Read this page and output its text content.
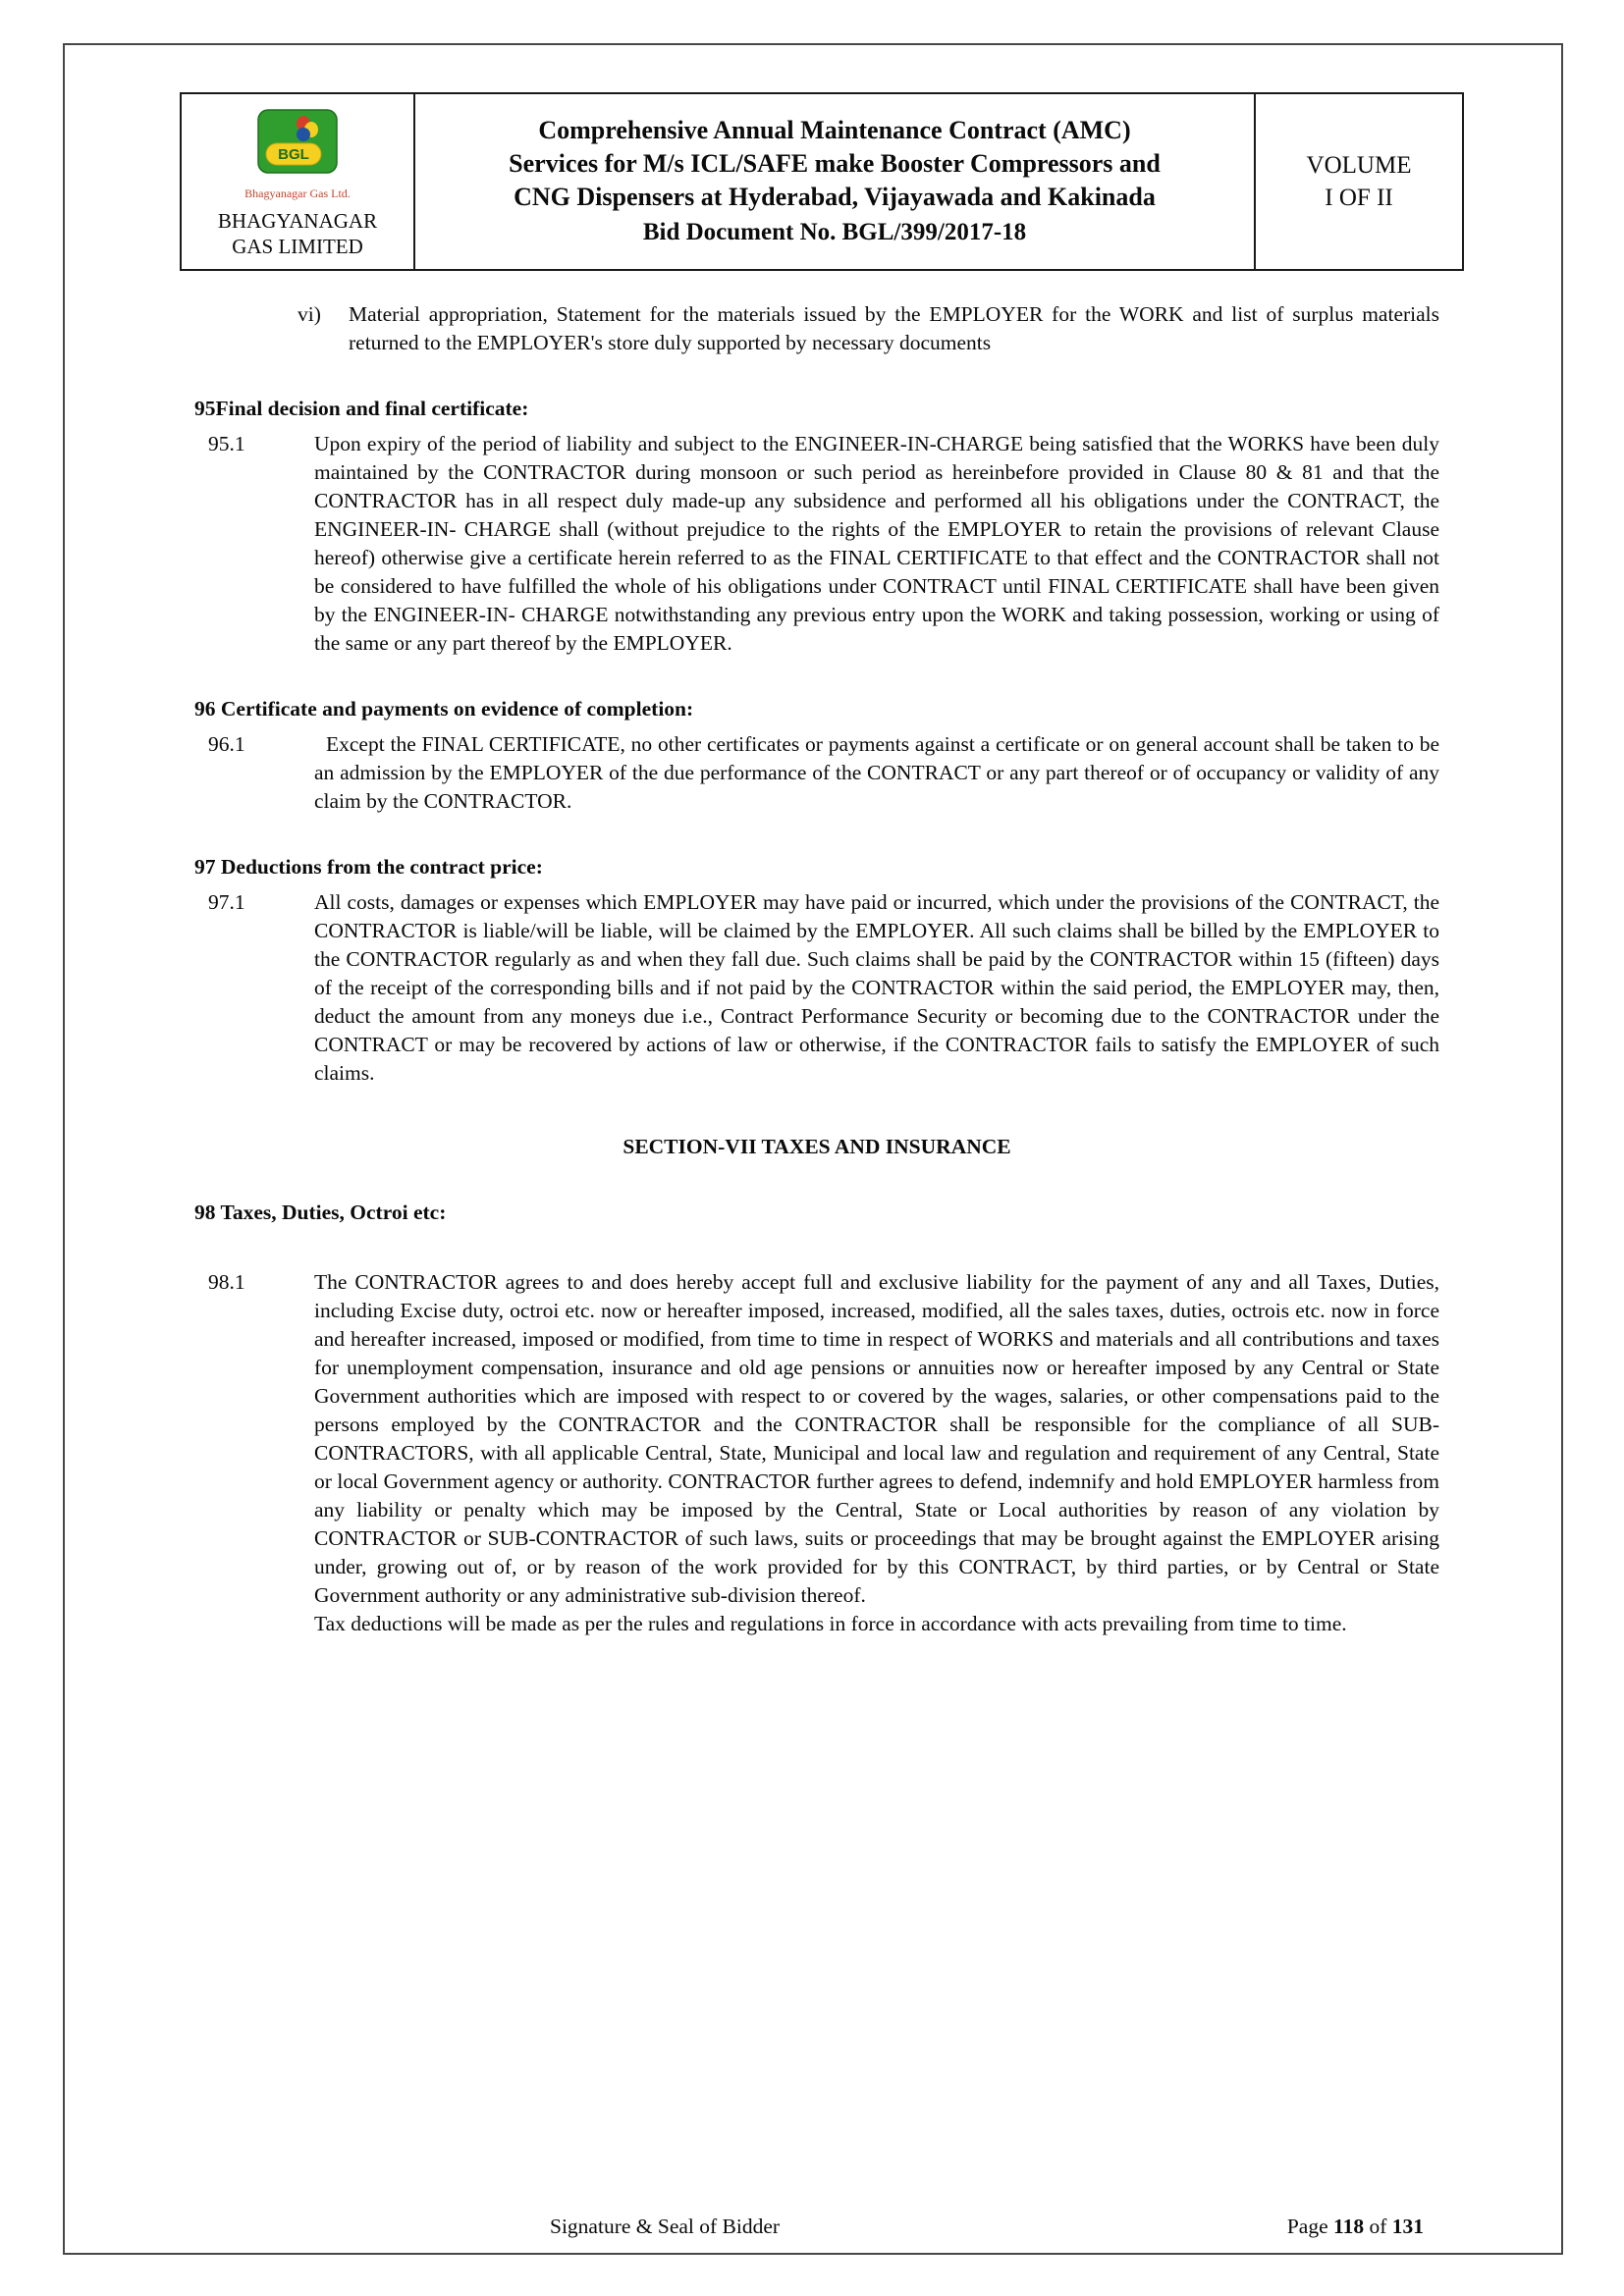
BGL
Bhagyanagar Gas Ltd.
BHAGYANAGAR GAS LIMITED
Comprehensive Annual Maintenance Contract (AMC) Services for M/s ICL/SAFE make Booster Compressors and CNG Dispensers at Hyderabad, Vijayawada and Kakinada
Bid Document No. BGL/399/2017-18
VOLUME
I OF II
vi)	Material appropriation, Statement for the materials issued by the EMPLOYER for the WORK and list of surplus materials returned to the EMPLOYER's store duly supported by necessary documents
95Final decision and final certificate:
95.1	Upon expiry of the period of liability and subject to the ENGINEER-IN-CHARGE being satisfied that the WORKS have been duly maintained by the CONTRACTOR during monsoon or such period as hereinbefore provided in Clause 80 & 81 and that the CONTRACTOR has in all respect duly made-up any subsidence and performed all his obligations under the CONTRACT, the ENGINEER-IN- CHARGE shall (without prejudice to the rights of the EMPLOYER to retain the provisions of relevant Clause hereof) otherwise give a certificate herein referred to as the FINAL CERTIFICATE to that effect and the CONTRACTOR shall not be considered to have fulfilled the whole of his obligations under CONTRACT until FINAL CERTIFICATE shall have been given by the ENGINEER-IN- CHARGE notwithstanding any previous entry upon the WORK and taking possession, working or using of the same or any part thereof by the EMPLOYER.
96 Certificate and payments on evidence of completion:
96.1	Except the FINAL CERTIFICATE, no other certificates or payments against a certificate or on general account shall be taken to be an admission by the EMPLOYER of the due performance of the CONTRACT or any part thereof or of occupancy or validity of any claim by the CONTRACTOR.
97 Deductions from the contract price:
97.1	All costs, damages or expenses which EMPLOYER may have paid or incurred, which under the provisions of the CONTRACT, the CONTRACTOR is liable/will be liable, will be claimed by the EMPLOYER. All such claims shall be billed by the EMPLOYER to the CONTRACTOR regularly as and when they fall due. Such claims shall be paid by the CONTRACTOR within 15 (fifteen) days of the receipt of the corresponding bills and if not paid by the CONTRACTOR within the said period, the EMPLOYER may, then, deduct the amount from any moneys due i.e., Contract Performance Security or becoming due to the CONTRACTOR under the CONTRACT or may be recovered by actions of law or otherwise, if the CONTRACTOR fails to satisfy the EMPLOYER of such claims.
SECTION-VII TAXES AND INSURANCE
98 Taxes, Duties, Octroi etc:
98.1	The CONTRACTOR agrees to and does hereby accept full and exclusive liability for the payment of any and all Taxes, Duties, including Excise duty, octroi etc. now or hereafter imposed, increased, modified, all the sales taxes, duties, octrois etc. now in force and hereafter increased, imposed or modified, from time to time in respect of WORKS and materials and all contributions and taxes for unemployment compensation, insurance and old age pensions or annuities now or hereafter imposed by any Central or State Government authorities which are imposed with respect to or covered by the wages, salaries, or other compensations paid to the persons employed by the CONTRACTOR and the CONTRACTOR shall be responsible for the compliance of all SUB-CONTRACTORS, with all applicable Central, State, Municipal and local law and regulation and requirement of any Central, State or local Government agency or authority. CONTRACTOR further agrees to defend, indemnify and hold EMPLOYER harmless from any liability or penalty which may be imposed by the Central, State or Local authorities by reason of any violation by CONTRACTOR or SUB-CONTRACTOR of such laws, suits or proceedings that may be brought against the EMPLOYER arising under, growing out of, or by reason of the work provided for by this CONTRACT, by third parties, or by Central or State Government authority or any administrative sub-division thereof.

Tax deductions will be made as per the rules and regulations in force in accordance with acts prevailing from time to time.

Signature & Seal of Bidder	Page 118 of 131
